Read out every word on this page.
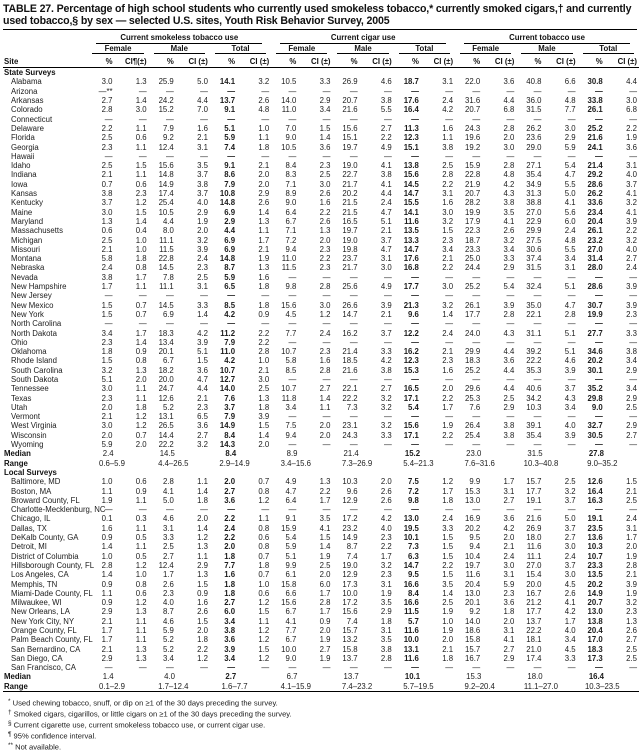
TABLE 27. Percentage of high school students who currently used smokeless tobacco,* currently smoked cigars,† and currently used tobacco,§ by sex — selected U.S. sites, Youth Risk Behavior Survey, 2005

	Current smokeless tobacco use						Current cigar use						Current tobacco use					

	Female		Male		Total		Female		Male		Total		Female		Male		Total	

Site	%	CI¶(±)	%	CI (±)	%	CI (±)	%	CI (±)	%	CI (±)	%	CI (±)	%	CI (±)	%	CI (±)	%	CI (±)
State Surveys																		
Alabama	3.0	1.3	25.9	5.0	14.1	3.2	10.5	3.3	26.9	4.6	18.7	3.1	22.0	3.6	40.8	6.6	30.8	4.4
Arizona	—**	—	—	—	—	—	—	—	—	—	—	—	—	—	—	—	—	—
Arkansas	2.7	1.4	24.2	4.4	13.7	2.6	14.0	2.9	20.7	3.8	17.6	2.4	31.6	4.4	36.0	4.8	33.8	3.0
Colorado	2.8	3.0	15.2	7.0	9.1	4.8	11.0	3.4	21.6	5.5	16.4	4.2	20.7	6.8	31.5	7.7	26.1	6.8
Connecticut	—	—	—	—	—	—	—	—	—	—	—	—	—	—	—	—	—	—
Delaware	2.2	1.1	7.9	1.6	5.1	1.0	7.0	1.5	15.6	2.7	11.3	1.6	24.3	2.8	26.2	3.0	25.2	2.2
Florida	2.5	0.6	9.2	2.1	5.9	1.1	9.0	1.4	15.1	2.2	12.3	1.1	19.6	2.0	23.6	2.9	21.6	1.9
Georgia	2.3	1.1	12.4	3.1	7.4	1.8	10.5	3.6	19.7	4.9	15.1	3.8	19.2	3.0	29.0	5.9	24.1	3.6
Hawaii	—	—	—	—	—	—	—	—	—	—	—	—	—	—	—	—	—	—
Idaho	2.5	1.5	15.6	3.5	9.1	2.1	8.4	2.3	19.0	4.1	13.8	2.5	15.9	2.8	27.1	5.4	21.4	3.1
Indiana	2.1	1.1	14.8	3.7	8.6	2.0	8.3	2.5	22.7	3.8	15.6	2.8	22.8	4.8	35.4	4.7	29.2	4.0
Iowa	0.7	0.6	14.9	3.8	7.9	2.0	7.1	3.0	21.7	4.1	14.5	2.2	21.9	4.2	34.9	5.5	28.6	3.7
Kansas	3.8	2.3	17.4	3.7	10.8	2.9	8.9	2.6	20.2	4.4	14.7	3.1	20.7	4.3	31.3	5.0	26.2	4.1
Kentucky	3.7	1.2	25.4	4.0	14.8	2.6	9.0	1.6	21.5	2.4	15.5	1.6	28.2	3.8	38.8	4.1	33.6	3.2
Maine	3.0	1.5	10.5	2.9	6.9	1.4	6.4	2.2	21.5	4.7	14.1	3.0	19.9	3.5	27.0	5.6	23.4	4.1
Maryland	1.3	1.4	4.4	1.9	2.9	1.3	6.7	2.6	16.5	5.1	11.6	3.2	17.9	4.1	22.9	6.0	20.4	3.9
Massachusetts	0.6	0.4	8.0	2.0	4.4	1.1	7.1	1.3	19.7	2.1	13.5	1.5	22.3	2.6	29.9	2.4	26.1	2.2
Michigan	2.5	1.0	11.1	3.2	6.9	1.7	7.2	2.0	19.0	3.7	13.3	2.3	18.7	3.2	27.5	4.8	23.2	3.2
Missouri	2.1	1.0	11.5	3.9	6.9	2.1	9.4	2.3	19.8	4.7	14.7	3.4	23.3	3.4	30.6	5.5	27.0	4.0
Montana	5.8	1.8	22.8	2.4	14.8	1.9	11.0	2.2	23.7	3.1	17.6	2.1	25.0	3.3	37.4	3.4	31.4	2.7
Nebraska	2.4	0.8	14.5	2.3	8.7	1.3	11.5	2.3	21.7	3.0	16.8	2.2	24.4	2.9	31.5	3.1	28.0	2.4
Nevada	3.8	1.7	7.8	2.5	5.9	1.6	—	—	—	—	—	—	—	—	—	—	—	—
New Hampshire	1.7	1.1	11.1	3.1	6.5	1.8	9.8	2.8	25.6	4.9	17.7	3.0	25.2	5.4	32.4	5.1	28.6	3.9
New Jersey	—	—	—	—	—	—	—	—	—	—	—	—	—	—	—	—	—	—
New Mexico	1.5	0.7	14.5	3.3	8.5	1.8	15.6	3.0	26.6	3.9	21.3	3.2	26.1	3.9	35.0	4.7	30.7	3.9
New York	1.5	0.7	6.9	1.4	4.2	0.9	4.5	1.2	14.7	2.1	9.6	1.4	17.7	2.8	22.1	2.8	19.9	2.3
North Carolina	—	—	—	—	—	—	—	—	—	—	—	—	—	—	—	—	—	—
North Dakota	3.4	1.7	18.3	4.2	11.2	2.2	7.7	2.4	16.2	3.7	12.2	2.4	24.0	4.3	31.1	5.1	27.7	3.3
Ohio	2.3	1.4	13.4	3.9	7.9	2.2	—	—	—	—	—	—	—	—	—	—	—	—
Oklahoma	1.8	0.9	20.1	5.1	11.0	2.8	10.7	2.3	21.4	3.3	16.2	2.1	29.9	4.4	39.2	5.1	34.6	3.8
Rhode Island	1.5	0.8	6.7	1.5	4.2	1.0	5.8	1.6	18.5	4.2	12.3	2.3	18.3	3.6	22.2	4.6	20.2	3.4
South Carolina	3.2	1.3	18.2	3.6	10.7	2.1	8.5	2.8	21.6	3.8	15.3	1.6	25.2	4.4	35.3	3.9	30.1	2.9
South Dakota	5.1	2.0	20.0	4.7	12.7	3.0	—	—	—	—	—	—	—	—	—	—	—	—
Tennessee	3.0	1.1	24.7	4.4	14.0	2.5	10.7	2.7	22.1	2.7	16.5	2.0	29.6	4.4	40.6	3.7	35.2	3.4
Texas	2.3	1.1	12.6	2.1	7.6	1.3	11.8	1.4	22.2	3.2	17.1	2.2	25.3	2.5	34.2	4.3	29.8	2.9
Utah	2.0	1.8	5.2	2.3	3.7	1.8	3.4	1.1	7.3	3.2	5.4	1.7	7.6	2.9	10.3	3.4	9.0	2.5
Vermont	2.1	1.2	13.1	6.5	7.9	3.9	—	—	—	—	—	—	—	—	—	—	—	—
West Virginia	3.0	1.2	26.5	3.6	14.9	1.5	7.5	2.0	23.1	3.2	15.6	1.9	26.4	3.8	39.1	4.0	32.7	2.9
Wisconsin	2.0	0.7	14.4	2.7	8.4	1.4	9.4	2.0	24.3	3.3	17.1	2.2	25.4	3.8	35.4	3.9	30.5	2.7
Wyoming	5.9	2.0	22.2	3.2	14.3	2.0	—	—	—	—	—	—	—	—	—	—	—	—
Median	2.4		14.5		8.4		8.9		21.4		15.2		23.0		31.5		27.8	
Range	0.6–5.9		4.4–26.5		2.9–14.9		3.4–15.6		7.3–26.9		5.4–21.3		7.6–31.6		10.3–40.8		9.0–35.2	
Local Surveys																		
Baltimore, MD	1.0	0.6	2.8	1.1	2.0	0.7	4.9	1.3	10.3	2.0	7.5	1.2	9.9	1.7	15.7	2.5	12.6	1.5
Boston, MA	1.1	0.9	4.1	1.4	2.7	0.8	4.7	2.2	9.6	2.6	7.2	1.7	15.3	3.1	17.7	3.2	16.4	2.1
Broward County, FL	1.9	1.1	5.0	1.8	3.6	1.2	6.4	1.7	12.9	2.6	9.8	1.8	13.0	2.7	19.1	3.7	16.3	2.5
Charlotte-Mecklenburg, NC	—	—	—	—	—	—	—	—	—	—	—	—	—	—	—	—	—	—
Chicago, IL	0.1	0.3	4.6	2.0	2.2	1.1	9.1	3.5	17.2	4.2	13.0	2.4	16.9	3.6	21.6	5.0	19.1	2.4
Dallas, TX	1.6	1.1	3.1	1.4	2.4	0.8	15.9	4.1	23.2	4.0	19.5	3.3	20.2	4.2	26.9	3.7	23.5	3.1
DeKalb County, GA	0.9	0.5	3.3	1.2	2.2	0.6	5.4	1.5	14.9	2.3	10.1	1.5	9.5	2.0	18.0	2.7	13.6	1.7
Detroit, MI	1.4	1.1	2.5	1.3	2.0	0.8	5.9	1.4	8.7	2.2	7.3	1.5	9.4	2.1	11.6	3.0	10.3	2.0
District of Columbia	1.0	0.5	2.7	1.1	1.8	0.7	5.1	1.9	7.4	1.7	6.3	1.5	10.4	2.4	11.1	2.4	10.7	1.9
Hillsborough County, FL	2.8	1.2	12.4	2.9	7.7	1.8	9.9	2.5	19.0	3.2	14.7	2.2	19.7	3.0	27.0	3.7	23.3	2.8
Los Angeles, CA	1.4	1.0	1.7	1.3	1.6	0.7	6.1	2.0	12.9	2.3	9.5	1.5	11.6	3.1	15.4	3.0	13.5	2.1
Memphis, TN	0.9	0.8	2.6	1.5	1.8	1.0	15.8	6.0	17.3	3.1	16.6	3.5	20.4	5.9	20.0	4.5	20.2	3.9
Miami-Dade County, FL	1.1	0.6	2.3	0.9	1.8	0.6	6.6	1.7	10.0	1.9	8.4	1.4	13.0	2.3	16.7	2.6	14.9	1.9
Milwaukee, WI	0.9	1.2	4.0	1.6	2.7	1.2	15.6	2.8	17.2	3.5	16.6	2.5	20.1	3.6	21.2	4.1	20.7	3.2
New Orleans, LA	2.9	1.3	8.7	2.6	6.0	1.5	6.7	1.7	15.6	2.9	11.5	1.9	9.2	1.8	17.7	4.2	13.0	2.3
New York City, NY	2.1	1.1	4.6	1.5	3.4	1.1	4.1	0.9	7.4	1.8	5.7	1.0	14.0	2.0	13.7	1.7	13.8	1.3
Orange County, FL	1.7	1.1	5.9	2.0	3.8	1.2	7.7	2.0	15.7	3.1	11.6	1.9	18.6	3.1	22.2	4.0	20.4	2.6
Palm Beach County, FL	1.7	1.1	5.2	1.8	3.6	1.2	6.7	1.9	13.2	3.5	10.0	2.0	15.8	4.1	18.1	3.4	17.0	2.7
San Bernardino, CA	2.1	1.3	5.2	2.2	3.9	1.5	10.0	2.7	15.8	3.8	13.1	2.1	15.7	2.7	21.0	4.5	18.3	2.5
San Diego, CA	2.9	1.3	3.4	1.2	3.4	1.2	9.0	1.9	13.7	2.8	11.6	1.8	16.7	2.9	17.4	3.3	17.3	2.5
San Francisco, CA	—	—	—	—	—	—	—	—	—	—	—	—	—	—	—	—	—	—
Median	1.4		4.0		2.7		6.7		13.7		10.1		15.3		18.0		16.4	
Range	0.1–2.9		1.7–12.4		1.6–7.7		4.1–15.9		7.4–23.2		5.7–19.5		9.2–20.4		11.1–27.0		10.3–23.5	
* Used chewing tobacco, snuff, or dip on ≥1 of the 30 days preceding the survey.
† Smoked cigars, cigarillos, or little cigars on ≥1 of the 30 days preceding the survey.
§ Current cigarette use, current smokeless tobacco use, or current cigar use.
¶ 95% confidence interval.
** Not available.
